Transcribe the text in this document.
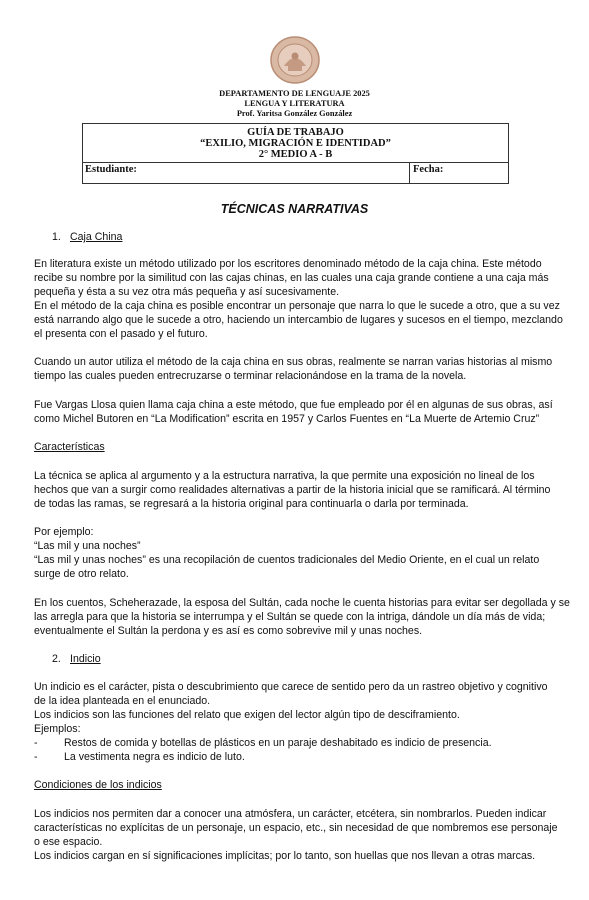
DEPARTAMENTO DE LENGUAJE 2025
LENGUA Y LITERATURA
Prof. Yaritsa González González
GUÍA DE TRABAJO
“EXILIO, MIGRACIÓN E IDENTIDAD”
2° MEDIO A - B
Estudiante:	Fecha:
TÉCNICAS NARRATIVAS
1. Caja China
En literatura existe un método utilizado por los escritores denominado método de la caja china. Este método
recibe su nombre por la similitud con las cajas chinas, en las cuales una caja grande contiene a una caja más
pequeña y ésta a su vez otra más pequeña y así sucesivamente.
En el método de la caja china es posible encontrar un personaje que narra lo que le sucede a otro, que a su vez
está narrando algo que le sucede a otro, haciendo un intercambio de lugares y sucesos en el tiempo, mezclando
el presenta con el pasado y el futuro.
Cuando un autor utiliza el método de la caja china en sus obras, realmente se narran varias historias al mismo
tiempo las cuales pueden entrecruzarse o terminar relacionándose en la trama de la novela.
Fue Vargas Llosa quien llama caja china a este método, que fue empleado por él en algunas de sus obras, así
como Michel Butoren en “La Modification” escrita en 1957 y Carlos Fuentes en “La Muerte de Artemio Cruz”
Características
La técnica se aplica al argumento y a la estructura narrativa, la que permite una exposición no lineal de los
hechos que van a surgir como realidades alternativas a partir de la historia inicial que se ramificará. Al término
de todas las ramas, se regresará a la historia original para continuarla o darla por terminada.
Por ejemplo:
“Las mil y una noches”
“Las mil y unas noches” es una recopilación de cuentos tradicionales del Medio Oriente, en el cual un relato
surge de otro relato.
En los cuentos, Scheherazade, la esposa del Sultán, cada noche le cuenta historias para evitar ser degollada y se
las arregla para que la historia se interrumpa y el Sultán se quede con la intriga, dándole un día más de vida;
eventualmente el Sultán la perdona y es así es como sobrevive mil y unas noches.
2. Indicio
Un indicio es el carácter, pista o descubrimiento que carece de sentido pero da un rastreo objetivo y cognitivo
de la idea planteada en el enunciado.
Los indicios son las funciones del relato que exigen del lector algún tipo de desciframiento.
Ejemplos:
- Restos de comida y botellas de plásticos en un paraje deshabitado es indicio de presencia.
- La vestimenta negra es indicio de luto.
Condiciones de los indicios
Los indicios nos permiten dar a conocer una atmósfera, un carácter, etcétera, sin nombrarlos. Pueden indicar
características no explícitas de un personaje, un espacio, etc., sin necesidad de que nombremos ese personaje
o ese espacio.
Los indicios cargan en sí significaciones implícitas; por lo tanto, son huellas que nos llevan a otras marcas.
